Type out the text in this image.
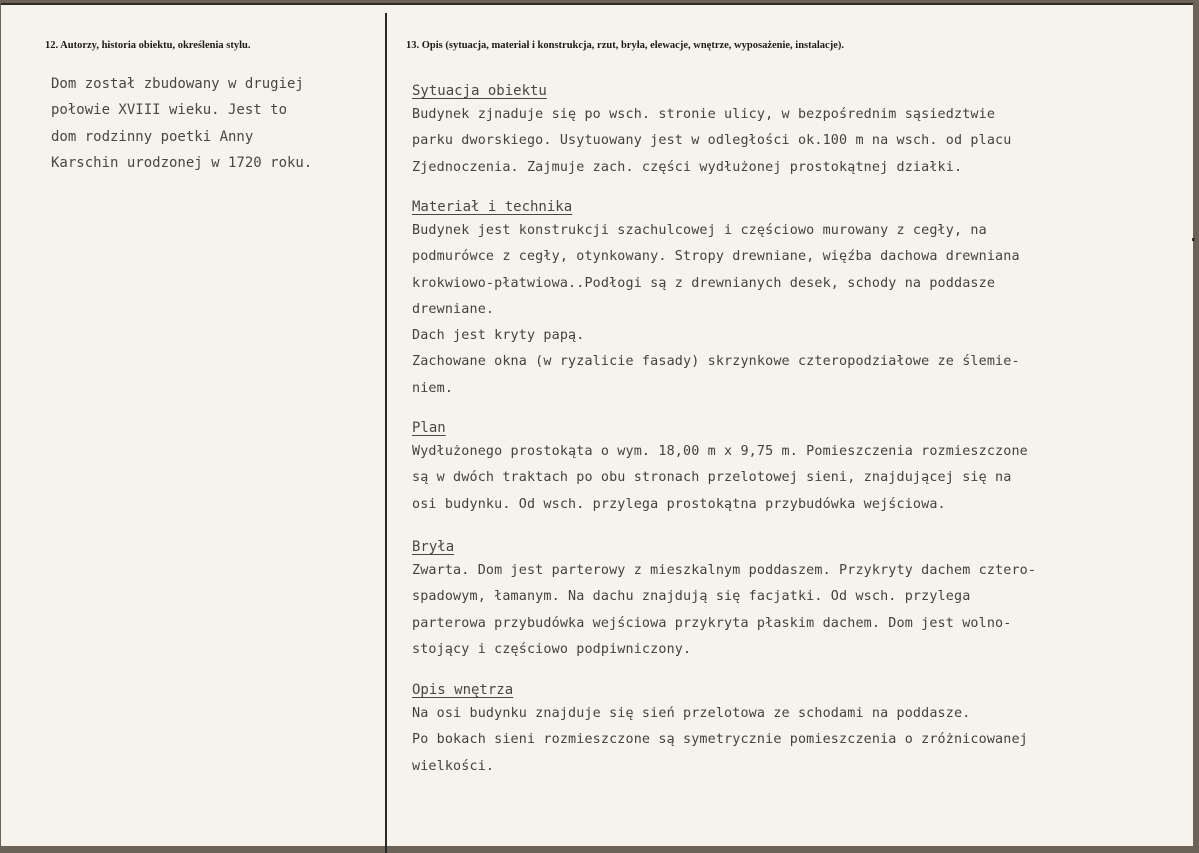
12. Autorzy, historia obiektu, określenia stylu.
Dom został zbudowany w drugiej
połowie XVIII wieku. Jest to
dom rodzinny poetki Anny
Karschin urodzonej w 1720 roku.
13. Opis (sytuacja, materiał i konstrukcja, rzut, bryła, elewacje, wnętrze, wyposażenie, instalacje).
Sytuacja obiektu
Budynek zjnaduje się po wsch. stronie ulicy, w bezpośrednim sąsiedztwie
parku dworskiego. Usytuowany jest w odległości ok.100 m na wsch. od placu
Zjednoczenia. Zajmuje zach. części wydłużonej prostokątnej działki.
Materiał i technika
Budynek jest konstrukcji szachulcowej i częściowo murowany z cegły, na
podmurówce z cegły, otynkowany. Stropy drewniane, więźba dachowa drewniana
krokwiowo-płatwiowa..Podłogi są z drewnianych desek, schody na poddasze
drewniane.
Dach jest kryty papą.
Zachowane okna (w ryzalicie fasady) skrzynkowe czteropodziałowe ze ślemie-
niem.
Plan
Wydłużonego prostokąta o wym. 18,00 m x 9,75 m. Pomieszczenia rozmieszczone
są w dwóch traktach po obu stronach przelotowej sieni, znajdującej się na
osi budynku. Od wsch. przylega prostokątna przybudówka wejściowa.
Bryła
Zwarta. Dom jest parterowy z mieszkalnym poddaszem. Przykryty dachem cztero-
spadowym, łamanym. Na dachu znajdują się facjatki. Od wsch. przylega
parterowa przybudówka wejściowa przykryta płaskim dachem. Dom jest wolno-
stojący i częściowo podpiwniczony.
Opis wnętrza
Na osi budynku znajduje się sień przelotowa ze schodami na poddasze.
Po bokach sieni rozmieszczone są symetrycznie pomieszczenia o zróżnicowanej
wielkości.
